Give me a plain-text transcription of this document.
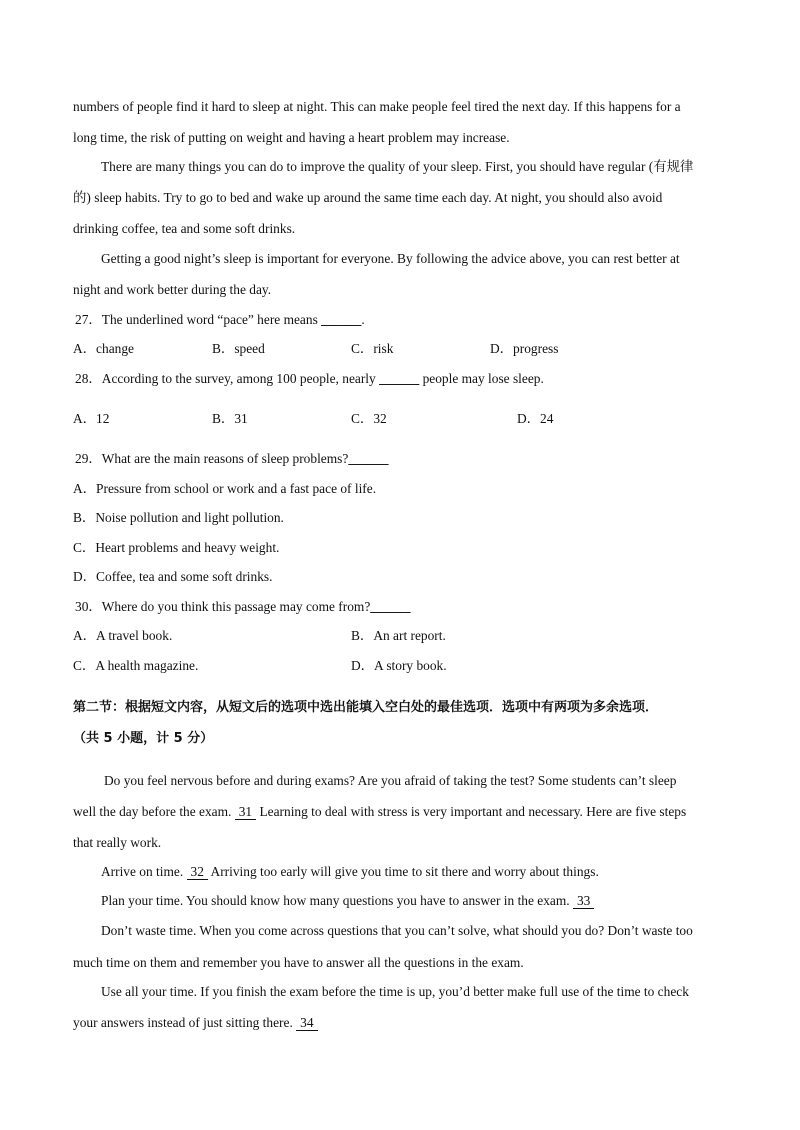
numbers of people find it hard to sleep at night. This can make people feel tired the next day. If this happens for a
long time, the risk of putting on weight and having a heart problem may increase.
There are many things you can do to improve the quality of your sleep. First, you should have regular (有规律
的) sleep habits. Try to go to bed and wake up around the same time each day. At night, you should also avoid
drinking coffee, tea and some soft drinks.
Getting a good night’s sleep is important for everyone. By following the advice above, you can rest better at
night and work better during the day.
27．The underlined word “pace” here means ______.
A．change	B．speed	C．risk	D．progress
28．According to the survey, among 100 people, nearly ______ people may lose sleep.
A．12	B．31	C．32	D．24
29．What are the main reasons of sleep problems?______
A．Pressure from school or work and a fast pace of life.
B．Noise pollution and light pollution.
C．Heart problems and heavy weight.
D．Coffee, tea and some soft drinks.
30．Where do you think this passage may come from?______
A．A travel book.	B．An art report.
C．A health magazine.	D．A story book.
第二节：根据短文内容，从短文后的选项中选出能填入空白处的最佳选项．选项中有两项为多余选项．
（共 5 小题，计 5 分）
Do you feel nervous before and during exams? Are you afraid of taking the test? Some students can’t sleep
well the day before the exam. 31 Learning to deal with stress is very important and necessary. Here are five steps
that really work.
Arrive on time. 32 Arriving too early will give you time to sit there and worry about things.
Plan your time. You should know how many questions you have to answer in the exam. 33
Don’t waste time. When you come across questions that you can’t solve, what should you do? Don’t waste too
much time on them and remember you have to answer all the questions in the exam.
Use all your time. If you finish the exam before the time is up, you’d better make full use of the time to check
your answers instead of just sitting there. 34
